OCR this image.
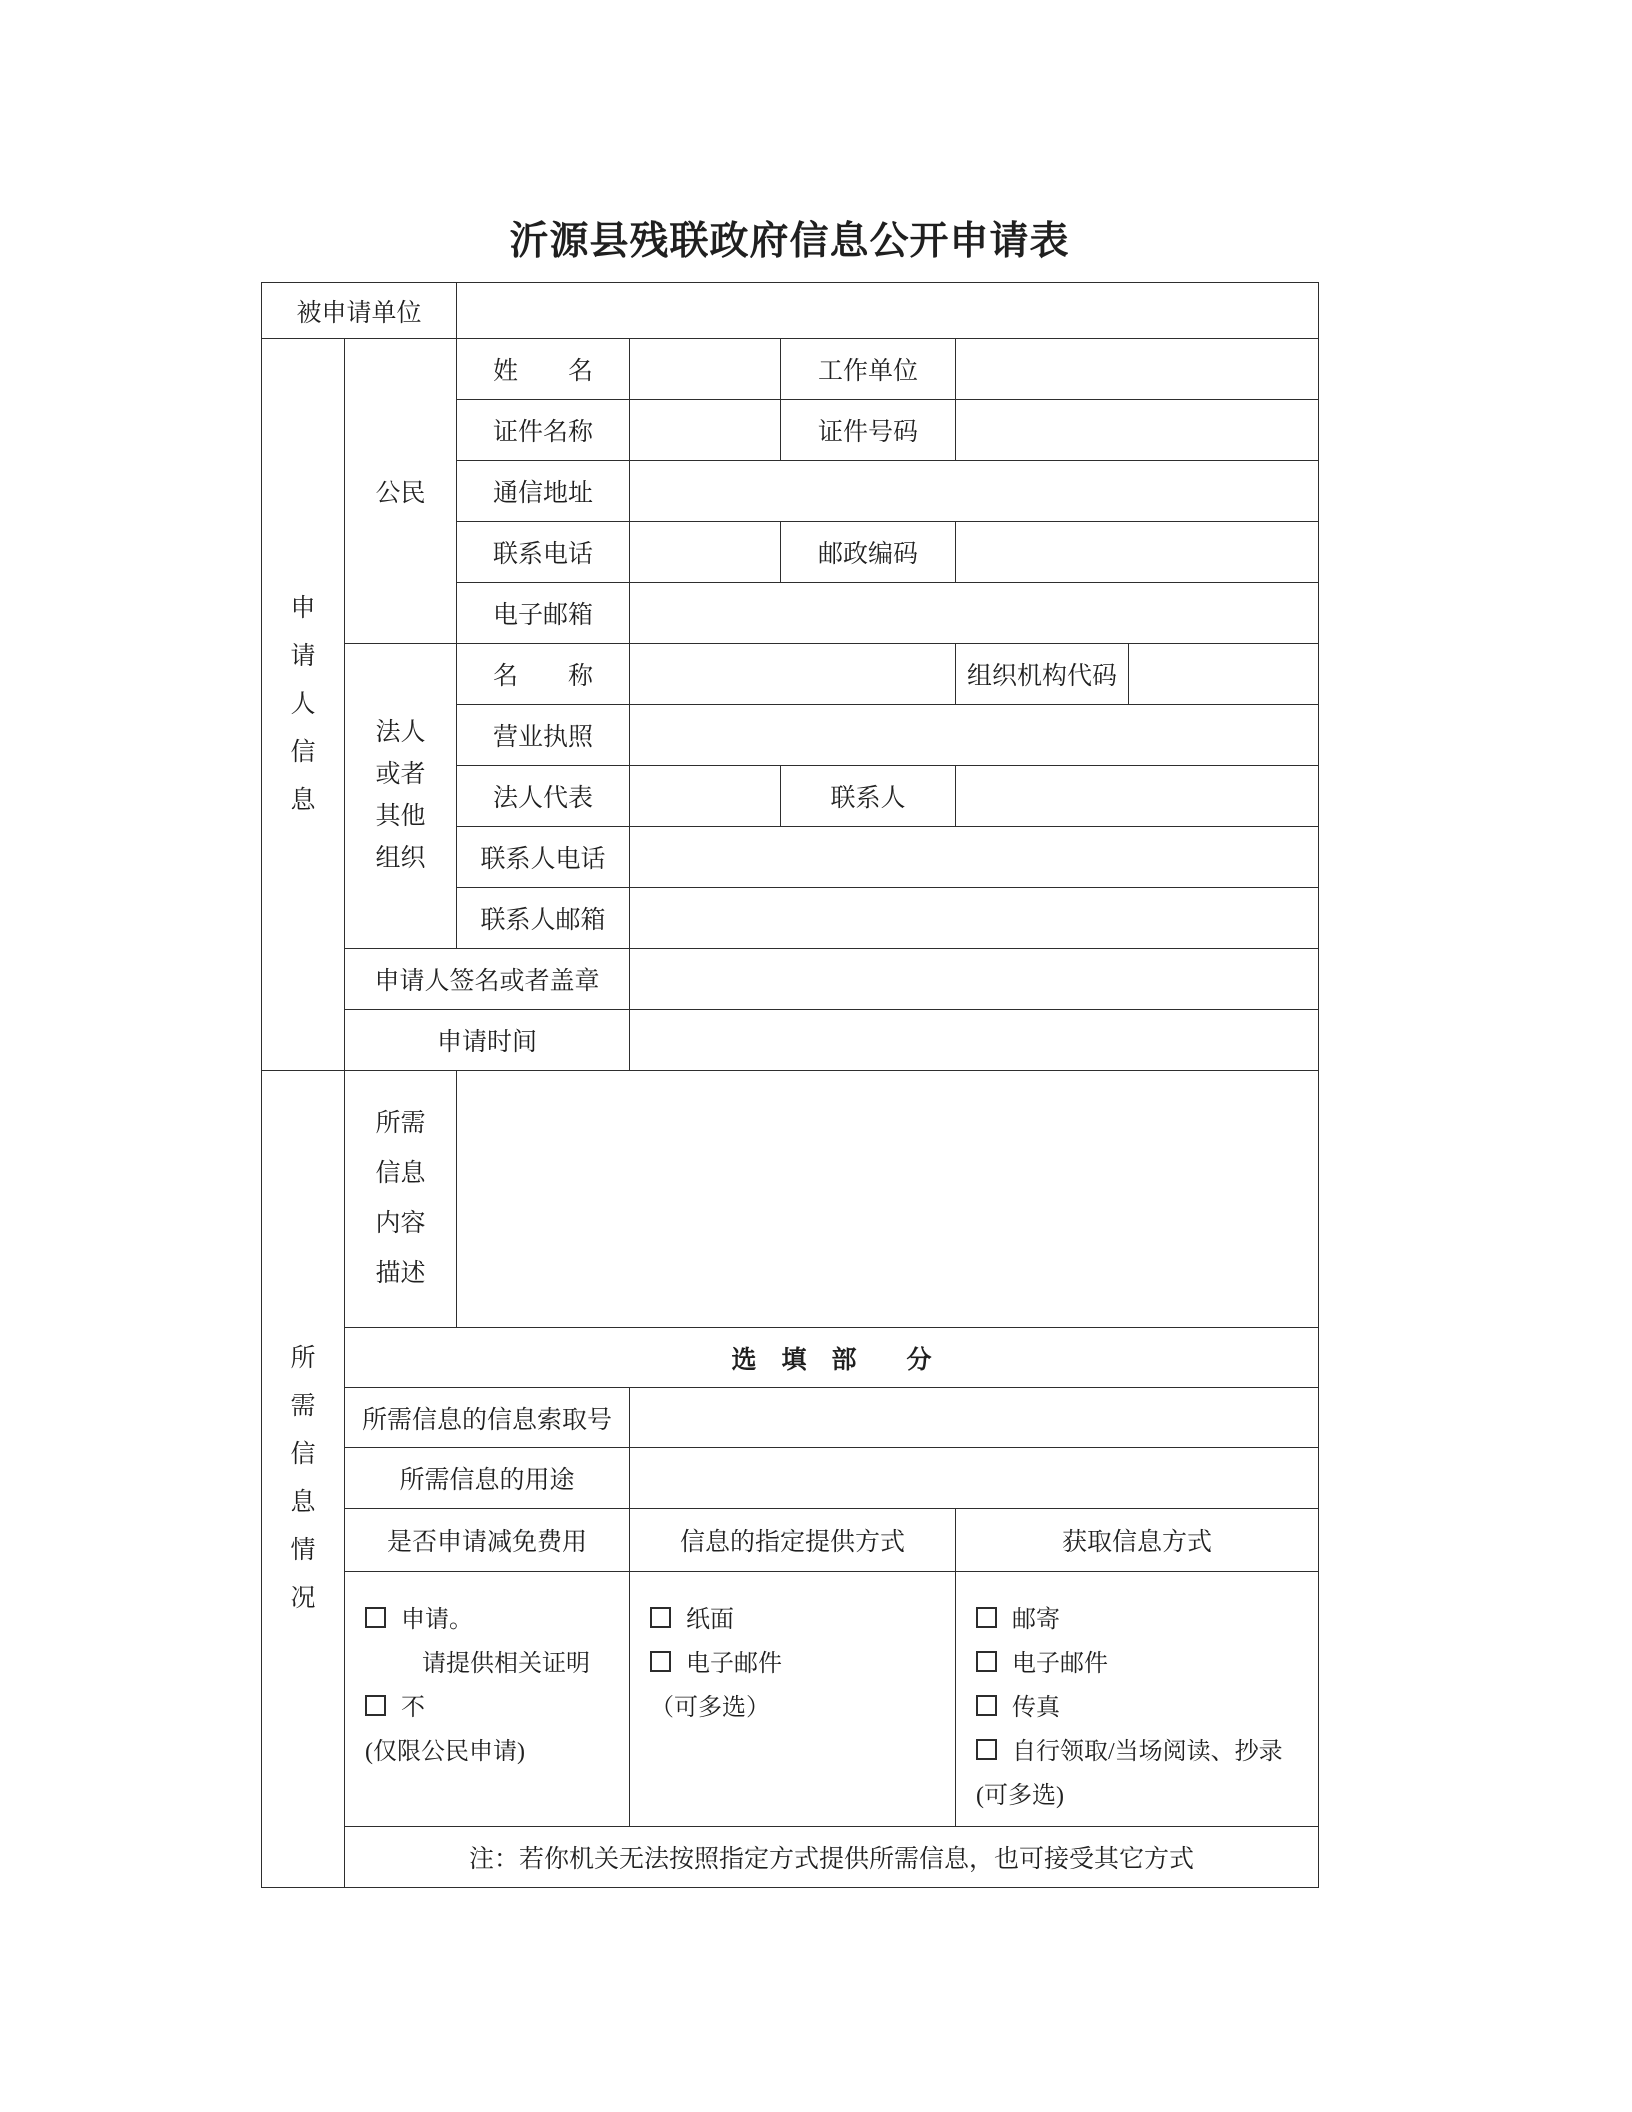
沂源县残联政府信息公开申请表
被申请单位						
申请人信息	公民	姓　　名		工作单位		
		证件名称		证件号码		
		通信地址				
		联系电话		邮政编码		
		电子邮箱				
	法人或者其他组织	名　　称			组织机构代码	
		营业执照				
		法人代表		联系人		
		联系人电话				
		联系人邮箱				
	申请人签名或者盖章					
	申请时间					
所需信息情况	所需信息内容描述					
	选　填　部　　分					
	所需信息的信息索取号					
	所需信息的用途					
	是否申请减免费用		信息的指定提供方式		获取信息方式	

申请。
请提供相关证明
不
(仅限公民申请)

纸面
电子邮件
（可多选）

邮寄
电子邮件
传真
自行领取/当场阅读、抄录
(可多选)

	注：若你机关无法按照指定方式提供所需信息，也可接受其它方式					
